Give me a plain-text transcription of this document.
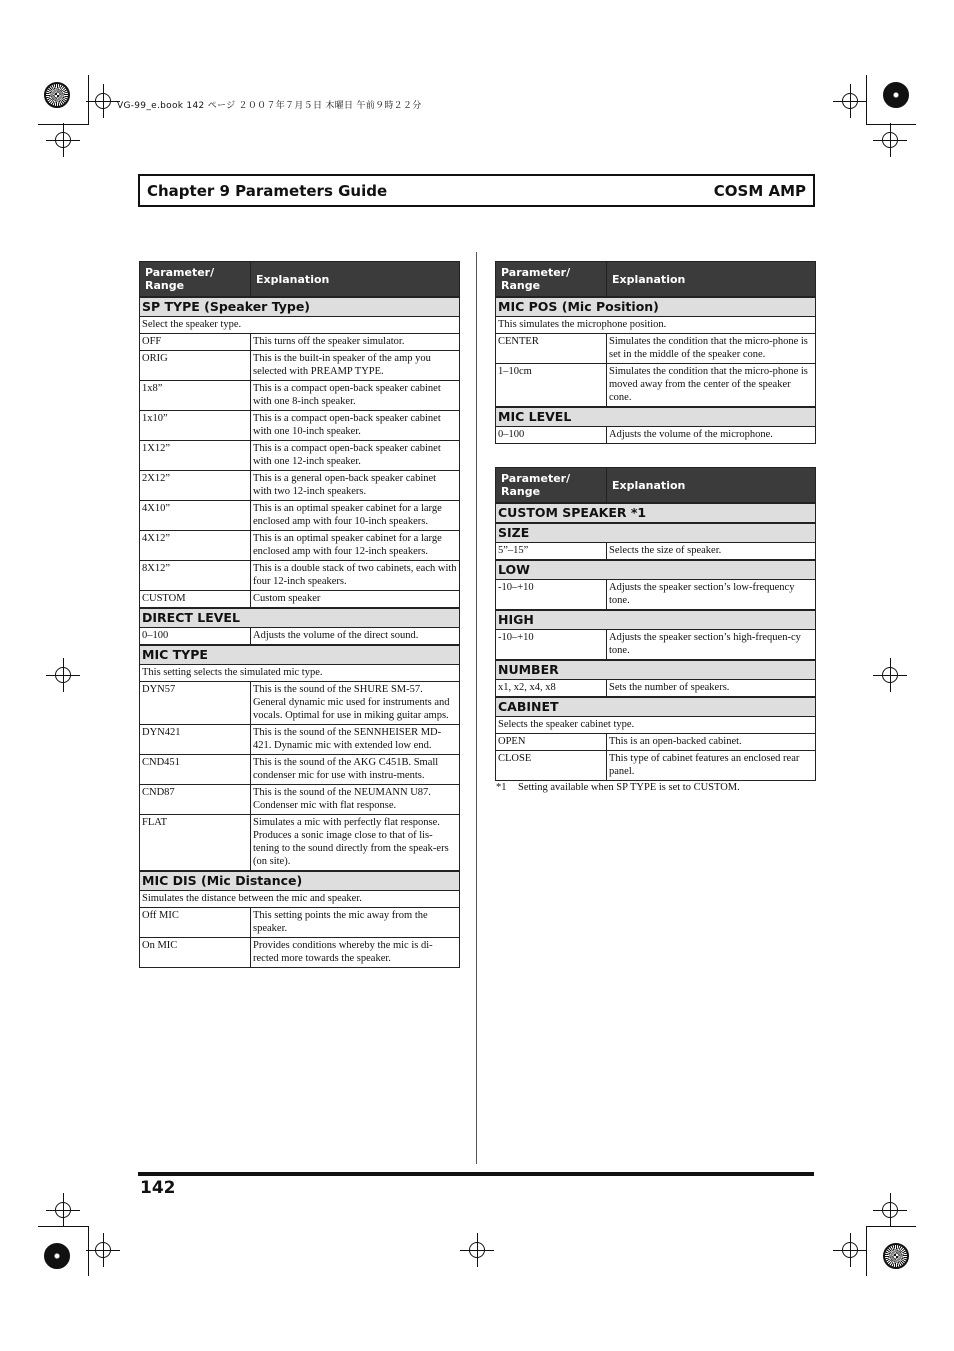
VG-99_e.book 142 ページ ２００７年７月５日 木曜日 午前９時２２分
Chapter 9 Parameters Guide	COSM AMP
Parameter/ Range	Explanation
SP TYPE (Speaker Type)	
Select the speaker type.	
OFF	This turns off the speaker simulator.
ORIG	This is the built-in speaker of the amp you selected with PREAMP TYPE.
1x8”	This is a compact open-back speaker cabinet with one 8-inch speaker.
1x10”	This is a compact open-back speaker cabinet with one 10-inch speaker.
1X12”	This is a compact open-back speaker cabinet with one 12-inch speaker.
2X12”	This is a general open-back speaker cabinet with two 12-inch speakers.
4X10”	This is an optimal speaker cabinet for a large enclosed amp with four 10-inch speakers.
4X12”	This is an optimal speaker cabinet for a large enclosed amp with four 12-inch speakers.
8X12”	This is a double stack of two cabinets, each with four 12-inch speakers.
CUSTOM	Custom speaker
DIRECT LEVEL	
0–100	Adjusts the volume of the direct sound.
MIC TYPE	
This setting selects the simulated mic type.	
DYN57	This is the sound of the SHURE SM-57. General dynamic mic used for instruments and vocals. Optimal for use in miking guitar amps.
DYN421	This is the sound of the SENNHEISER MD-421. Dynamic mic with extended low end.
CND451	This is the sound of the AKG C451B. Small condenser mic for use with instru-ments.
CND87	This is the sound of the NEUMANN U87. Condenser mic with flat response.
FLAT	Simulates a mic with perfectly flat response. Produces a sonic image close to that of lis-tening to the sound directly from the speak-ers (on site).
MIC DIS (Mic Distance)	
Simulates the distance between the mic and speaker.	
Off MIC	This setting points the mic away from the speaker.
On MIC	Provides conditions whereby the mic is di-rected more towards the speaker.
Parameter/ Range	Explanation
MIC POS (Mic Position)	
This simulates the microphone position.	
CENTER	Simulates the condition that the micro-phone is set in the middle of the speaker cone.
1–10cm	Simulates the condition that the micro-phone is moved away from the center of the speaker cone.
MIC LEVEL	
0–100	Adjusts the volume of the microphone.
Parameter/ Range	Explanation
CUSTOM SPEAKER *1	
SIZE	
5”–15”	Selects the size of speaker.
LOW	
-10–+10	Adjusts the speaker section’s low-frequency tone.
HIGH	
-10–+10	Adjusts the speaker section’s high-frequen-cy tone.
NUMBER	
x1, x2, x4, x8	Sets the number of speakers.
CABINET	
Selects the speaker cabinet type.	
OPEN	This is an open-backed cabinet.
CLOSE	This type of cabinet features an enclosed rear panel.
*1 Setting available when SP TYPE is set to CUSTOM.
142
